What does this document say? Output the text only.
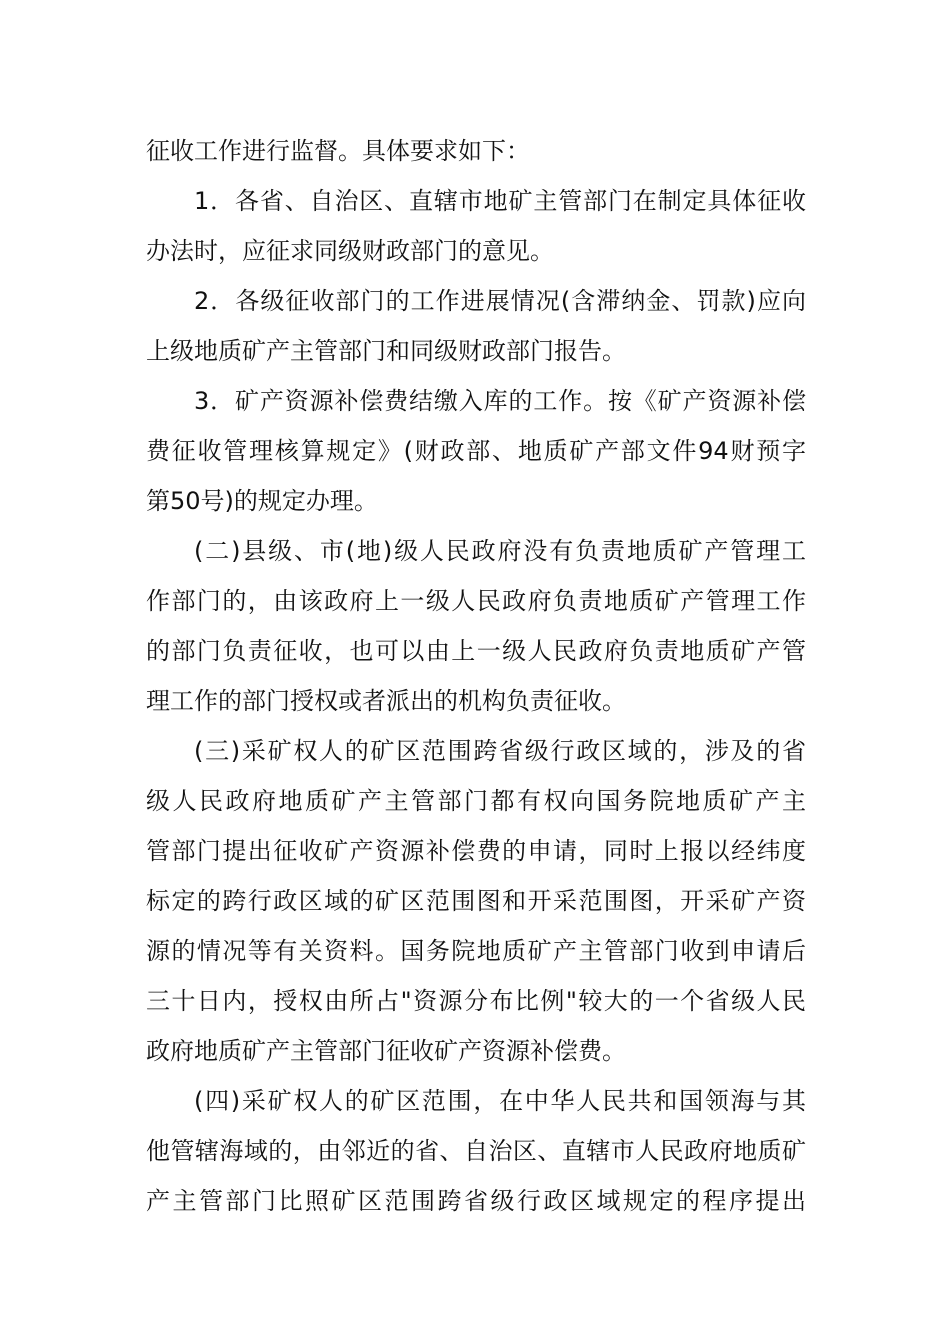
征收工作进行监督。具体要求如下：
1．各省、自治区、直辖市地矿主管部门在制定具体征收
办法时，应征求同级财政部门的意见。
2．各级征收部门的工作进展情况(含滞纳金、罚款)应向
上级地质矿产主管部门和同级财政部门报告。
3．矿产资源补偿费结缴入库的工作。按《矿产资源补偿
费征收管理核算规定》(财政部、地质矿产部文件94财预字
第50号)的规定办理。
(二)县级、市(地)级人民政府没有负责地质矿产管理工
作部门的，由该政府上一级人民政府负责地质矿产管理工作
的部门负责征收，也可以由上一级人民政府负责地质矿产管
理工作的部门授权或者派出的机构负责征收。
(三)采矿权人的矿区范围跨省级行政区域的，涉及的省
级人民政府地质矿产主管部门都有权向国务院地质矿产主
管部门提出征收矿产资源补偿费的申请，同时上报以经纬度
标定的跨行政区域的矿区范围图和开采范围图，开采矿产资
源的情况等有关资料。国务院地质矿产主管部门收到申请后
三十日内，授权由所占"资源分布比例"较大的一个省级人民
政府地质矿产主管部门征收矿产资源补偿费。
(四)采矿权人的矿区范围，在中华人民共和国领海与其
他管辖海域的，由邻近的省、自治区、直辖市人民政府地质矿
产主管部门比照矿区范围跨省级行政区域规定的程序提出
